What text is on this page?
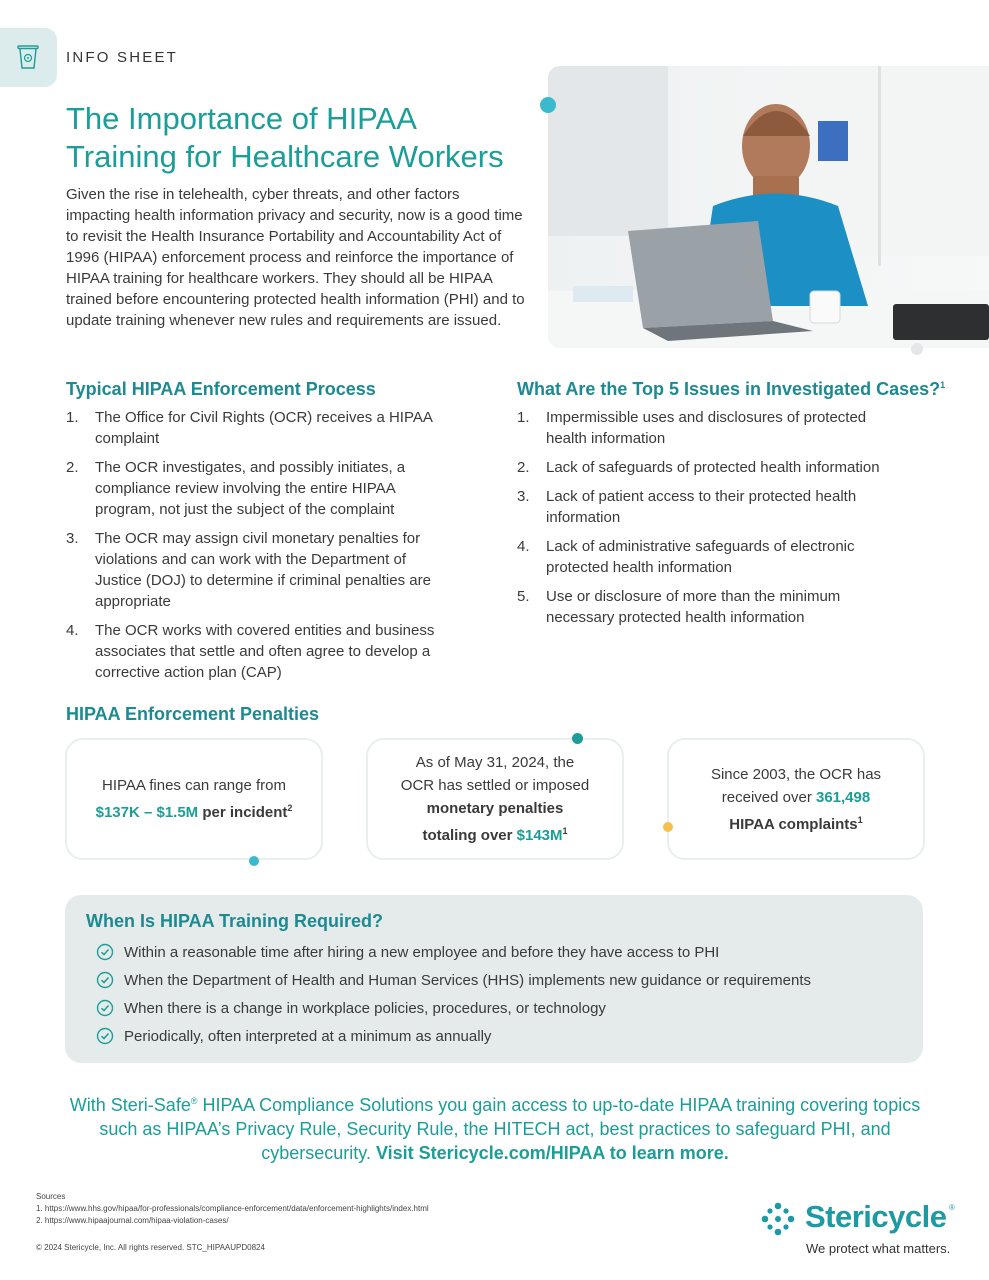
INFO SHEET
The Importance of HIPAA
Training for Healthcare Workers

Given the rise in telehealth, cyber threats, and other factors impacting health information privacy and security, now is a good time to revisit the Health Insurance Portability and Accountability Act of 1996 (HIPAA) enforcement process and reinforce the importance of HIPAA training for healthcare workers. They should all be HIPAA trained before encountering protected health information (PHI) and to update training whenever new rules and requirements are issued.

Typical HIPAA Enforcement Process
1. The Office for Civil Rights (OCR) receives a HIPAA complaint
2. The OCR investigates, and possibly initiates, a compliance review involving the entire HIPAA program, not just the subject of the complaint
3. The OCR may assign civil monetary penalties for violations and can work with the Department of Justice (DOJ) to determine if criminal penalties are appropriate
4. The OCR works with covered entities and business associates that settle and often agree to develop a corrective action plan (CAP)
What Are the Top 5 Issues in Investigated Cases?$^1$
1. Impermissible uses and disclosures of protected health information
2. Lack of safeguards of protected health information
3. Lack of patient access to their protected health information
4. Lack of administrative safeguards of electronic protected health information
5. Use or disclosure of more than the minimum necessary protected health information
HIPAA Enforcement Penalties
HIPAA fines can range from
$137K – $1.5M per incident$^2$
As of May 31, 2024, the
OCR has settled or imposed
monetary penalties
totaling over $\$143M^1$
Since 2003, the OCR has
received over 361,498
HIPAA complaints$^1$
When Is HIPAA Training Required?
Within a reasonable time after hiring a new employee and before they have access to PHI
When the Department of Health and Human Services (HHS) implements new guidance or requirements
When there is a change in workplace policies, procedures, or technology
Periodically, often interpreted at a minimum as annually

With Steri-Safe® HIPAA Compliance Solutions you gain access to up-to-date HIPAA training covering topics such as HIPAA’s Privacy Rule, Security Rule, the HITECH act, best practices to safeguard PHI, and cybersecurity. Visit Stericycle.com/HIPAA to learn more.

Sources
1. https://www.hhs.gov/hipaa/for-professionals/compliance-enforcement/data/enforcement-highlights/index.html
2. https://www.hipaajournal.com/hipaa-violation-cases/
© 2024 Stericycle, Inc. All rights reserved. STC_HIPAAUPD0824
Stericycle ®
We protect what matters.
